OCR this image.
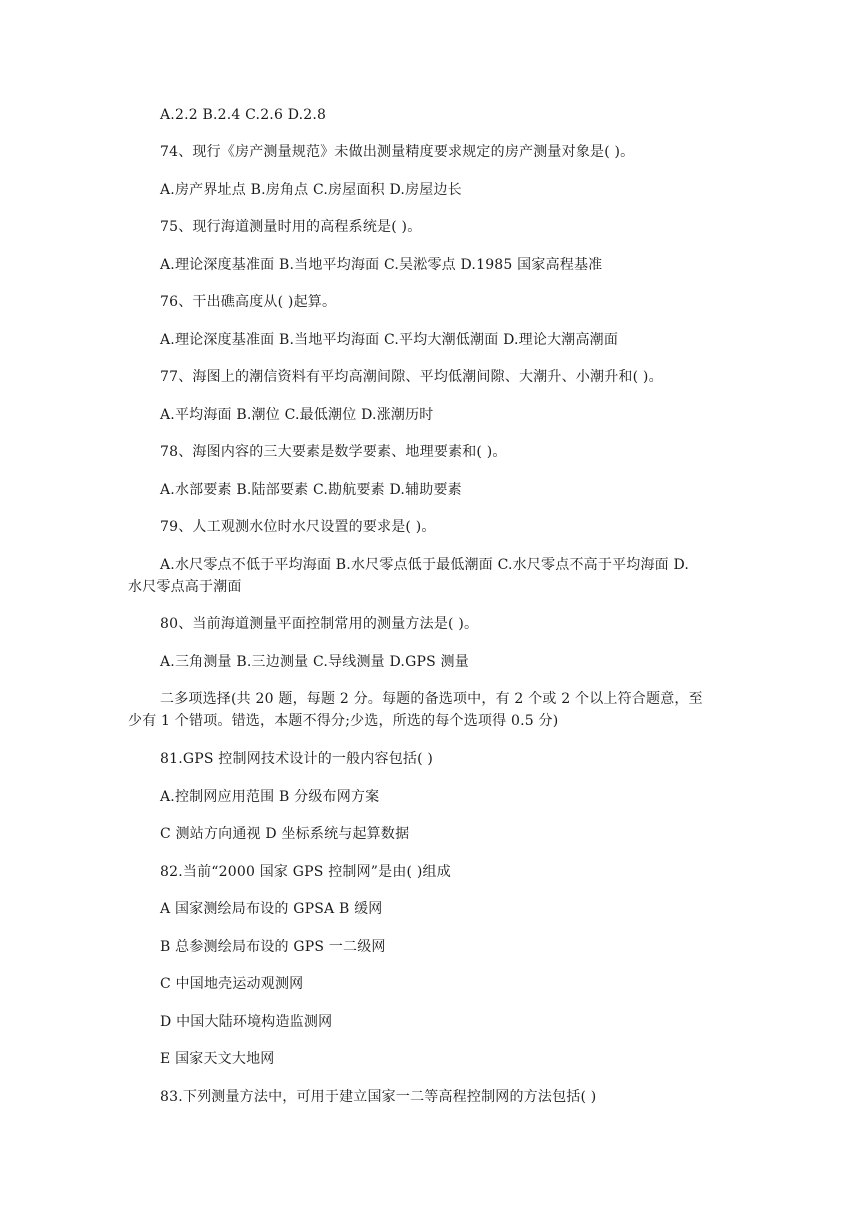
A.2.2 B.2.4 C.2.6 D.2.8
74、现行《房产测量规范》未做出测量精度要求规定的房产测量对象是( )。
A.房产界址点 B.房角点 C.房屋面积 D.房屋边长
75、现行海道测量时用的高程系统是( )。
A.理论深度基准面 B.当地平均海面 C.吴淞零点 D.1985 国家高程基准
76、干出礁高度从( )起算。
A.理论深度基准面 B.当地平均海面 C.平均大潮低潮面 D.理论大潮高潮面
77、海图上的潮信资料有平均高潮间隙、平均低潮间隙、大潮升、小潮升和( )。
A.平均海面 B.潮位 C.最低潮位 D.涨潮历时
78、海图内容的三大要素是数学要素、地理要素和( )。
A.水部要素 B.陆部要素 C.勘航要素 D.辅助要素
79、人工观测水位时水尺设置的要求是( )。
A.水尺零点不低于平均海面 B.水尺零点低于最低潮面 C.水尺零点不高于平均海面 D.
水尺零点高于潮面
80、当前海道测量平面控制常用的测量方法是( )。
A.三角测量 B.三边测量 C.导线测量 D.GPS 测量
二多项选择(共 20 题，每题 2 分。每题的备选项中，有 2 个或 2 个以上符合题意，至
少有 1 个错项。错选，本题不得分;少选，所选的每个选项得 0.5 分)
81.GPS 控制网技术设计的一般内容包括( )
A.控制网应用范围 B 分级布网方案
C 测站方向通视 D 坐标系统与起算数据
82.当前“2000 国家 GPS 控制网”是由( )组成
A 国家测绘局布设的 GPSA B 缓网
B 总参测绘局布设的 GPS 一二级网
C 中国地壳运动观测网
D 中国大陆环境构造监测网
E 国家天文大地网
83.下列测量方法中，可用于建立国家一二等高程控制网的方法包括( )
